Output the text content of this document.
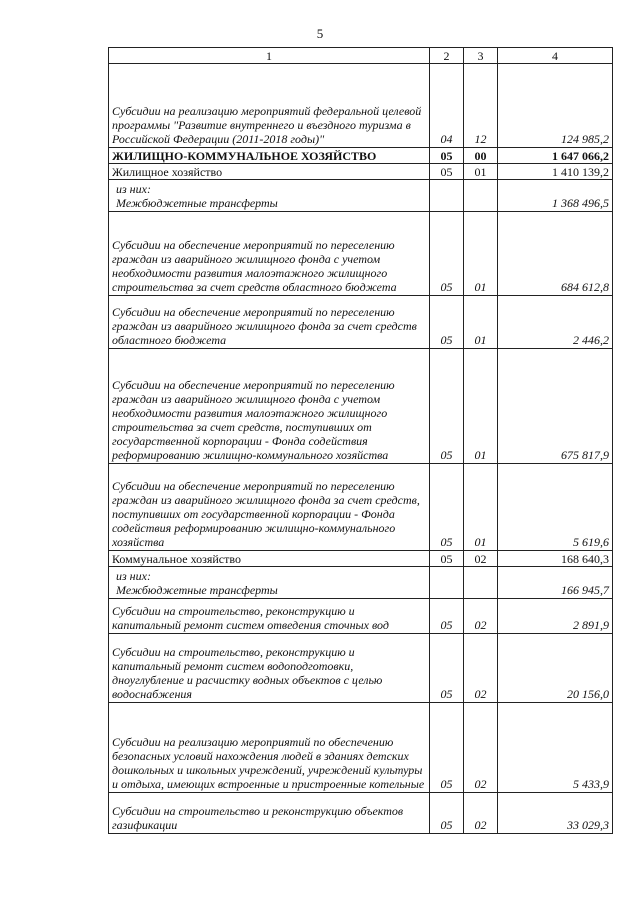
5
1	2	3	4
Субсидии на реализацию мероприятий федеральной целевой программы "Развитие внутреннего и въездного туризма в Российской Федерации (2011-2018 годы)"	04	12	124 985,2
ЖИЛИЩНО-КОММУНАЛЬНОЕ ХОЗЯЙСТВО	05	00	1 647 066,2
Жилищное хозяйство	05	01	1 410 139,2

из них:
Межбюджетные трансферты			1 368 496,5
Субсидии на обеспечение мероприятий по переселению граждан из аварийного жилищного фонда с учетом необходимости развития малоэтажного жилищного строительства за счет средств областного бюджета	05	01	684 612,8
Субсидии на обеспечение мероприятий по переселению граждан из аварийного жилищного фонда за счет средств областного бюджета	05	01	2 446,2
Субсидии на обеспечение мероприятий по переселению граждан из аварийного жилищного фонда с учетом необходимости развития малоэтажного жилищного строительства за счет средств, поступивших от государственной корпорации - Фонда содействия реформированию жилищно-коммунального хозяйства	05	01	675 817,9
Субсидии на обеспечение мероприятий по переселению граждан из аварийного жилищного фонда за счет средств, поступивших от государственной корпорации - Фонда содействия реформированию жилищно-коммунального хозяйства	05	01	5 619,6
Коммунальное хозяйство	05	02	168 640,3

из них:
Межбюджетные трансферты			166 945,7
Субсидии на строительство, реконструкцию и капитальный ремонт систем отведения сточных вод	05	02	2 891,9
Субсидии на строительство, реконструкцию и капитальный ремонт систем водоподготовки, дноуглубление и расчистку водных объектов с целью водоснабжения	05	02	20 156,0
Субсидии на реализацию мероприятий по обеспечению безопасных условий нахождения людей в зданиях детских дошкольных и школьных учреждений, учреждений культуры и отдыха, имеющих встроенные и пристроенные котельные	05	02	5 433,9
Субсидии на строительство и реконструкцию объектов газификации	05	02	33 029,3
